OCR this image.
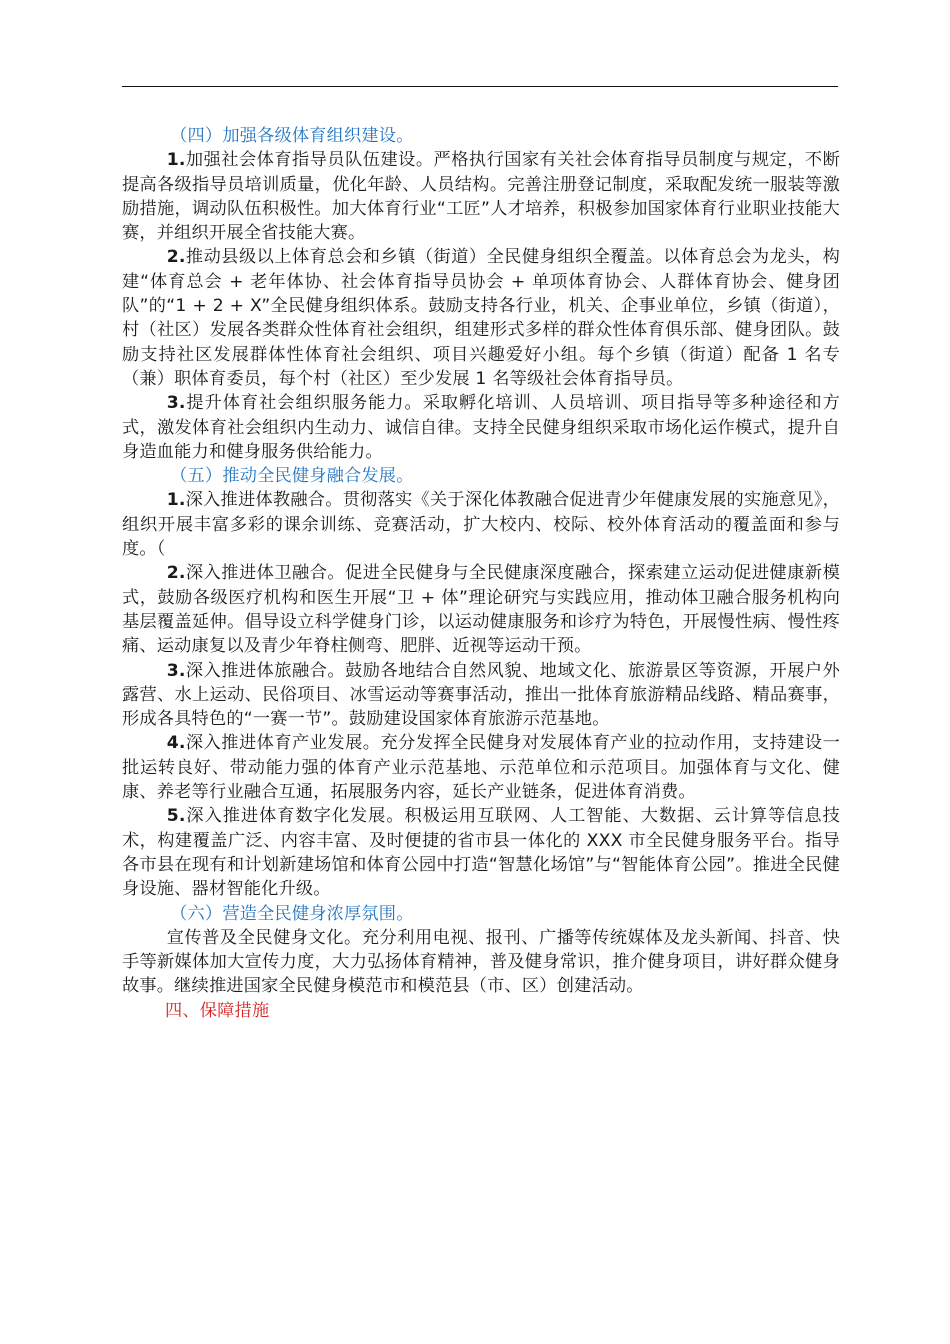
（四）加强各级体育组织建设。

1.加强社会体育指导员队伍建设。严格执行国家有关社会体育指导员制度与规定，不断提高各级指导员培训质量，优化年龄、人员结构。完善注册登记制度，采取配发统一服装等激励措施，调动队伍积极性。加大体育行业“工匠”人才培养，积极参加国家体育行业职业技能大赛，并组织开展全省技能大赛。

2.推动县级以上体育总会和乡镇（街道）全民健身组织全覆盖。以体育总会为龙头，构建“体育总会 + 老年体协、社会体育指导员协会 + 单项体育协会、人群体育协会、健身团队”的“1 + 2 + X”全民健身组织体系。鼓励支持各行业，机关、企事业单位，乡镇（街道），村（社区）发展各类群众性体育社会组织，组建形式多样的群众性体育俱乐部、健身团队。鼓励支持社区发展群体性体育社会组织、项目兴趣爱好小组。每个乡镇（街道）配备 1 名专（兼）职体育委员，每个村（社区）至少发展 1 名等级社会体育指导员。

3.提升体育社会组织服务能力。采取孵化培训、人员培训、项目指导等多种途径和方式，激发体育社会组织内生动力、诚信自律。支持全民健身组织采取市场化运作模式，提升自身造血能力和健身服务供给能力。

（五）推动全民健身融合发展。

1.深入推进体教融合。贯彻落实《关于深化体教融合促进青少年健康发展的实施意见》，组织开展丰富多彩的课余训练、竞赛活动，扩大校内、校际、校外体育活动的覆盖面和参与度。（

2.深入推进体卫融合。促进全民健身与全民健康深度融合，探索建立运动促进健康新模式，鼓励各级医疗机构和医生开展“卫 + 体”理论研究与实践应用，推动体卫融合服务机构向基层覆盖延伸。倡导设立科学健身门诊，以运动健康服务和诊疗为特色，开展慢性病、慢性疼痛、运动康复以及青少年脊柱侧弯、肥胖、近视等运动干预。

3.深入推进体旅融合。鼓励各地结合自然风貌、地域文化、旅游景区等资源，开展户外露营、水上运动、民俗项目、冰雪运动等赛事活动，推出一批体育旅游精品线路、精品赛事，形成各具特色的“一赛一节”。鼓励建设国家体育旅游示范基地。

4.深入推进体育产业发展。充分发挥全民健身对发展体育产业的拉动作用，支持建设一批运转良好、带动能力强的体育产业示范基地、示范单位和示范项目。加强体育与文化、健康、养老等行业融合互通，拓展服务内容，延长产业链条，促进体育消费。

5.深入推进体育数字化发展。积极运用互联网、人工智能、大数据、云计算等信息技术，构建覆盖广泛、内容丰富、及时便捷的省市县一体化的 XXX 市全民健身服务平台。指导各市县在现有和计划新建场馆和体育公园中打造“智慧化场馆”与“智能体育公园”。推进全民健身设施、器材智能化升级。

（六）营造全民健身浓厚氛围。

宣传普及全民健身文化。充分利用电视、报刊、广播等传统媒体及龙头新闻、抖音、快手等新媒体加大宣传力度，大力弘扬体育精神，普及健身常识，推介健身项目，讲好群众健身故事。继续推进国家全民健身模范市和模范县（市、区）创建活动。

四、保障措施
